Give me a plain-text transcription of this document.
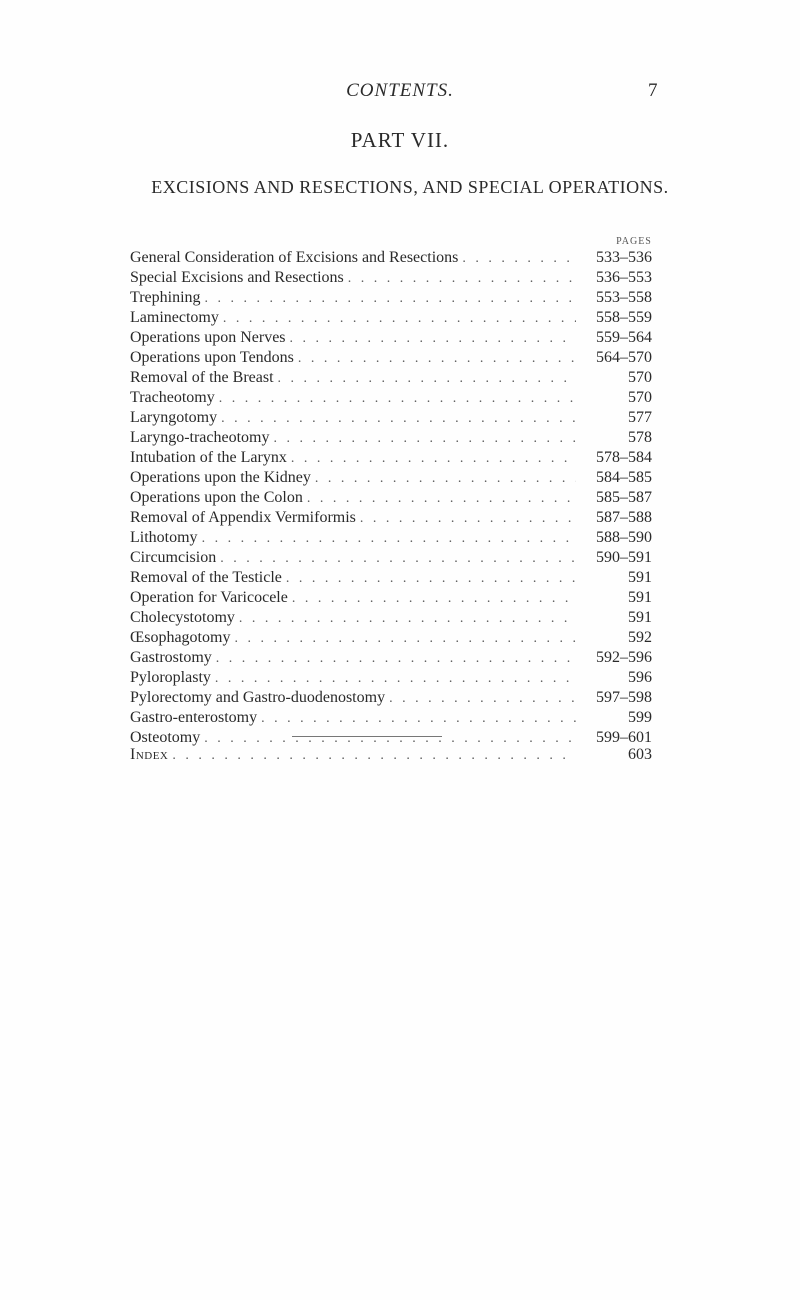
CONTENTS.	7
PART VII.
EXCISIONS AND RESECTIONS, AND SPECIAL OPERATIONS.
PAGES
General Consideration of Excisions and Resections . . .	533–536
Special Excisions and Resections . . .	536–553
Trephining . . .	553–558
Laminectomy . . .	558–559
Operations upon Nerves . . .	559–564
Operations upon Tendons . . .	564–570
Removal of the Breast . . .	570
Tracheotomy . . .	570
Laryngotomy . . .	577
Laryngo-tracheotomy . . .	578
Intubation of the Larynx . . .	578–584
Operations upon the Kidney . . .	584–585
Operations upon the Colon . . .	585–587
Removal of Appendix Vermiformis . . .	587–588
Lithotomy . . .	588–590
Circumcision . . .	590–591
Removal of the Testicle . . .	591
Operation for Varicocele . . .	591
Cholecystotomy . . .	591
Œsophagotomy . . .	592
Gastrostomy . . .	592–596
Pyloroplasty . . .	596
Pylorectomy and Gastro-duodenostomy . . .	597–598
Gastro-enterostomy . . .	599
Osteotomy . . .	599–601
Index . . .	603
